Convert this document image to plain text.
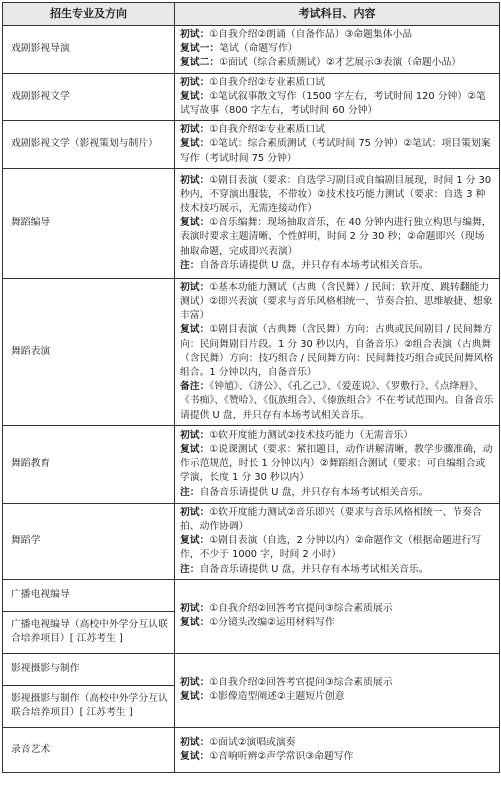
招生专业及方向	考试科目、内容
戏剧影视导演	初试：①自我介绍②朗诵（自备作品）③命题集体小品

复试一：笔试（命题写作）

复试二：①面试（综合素质测试）②才艺展示③表演（命题小品）

戏剧影视文学	初试：①自我介绍②专业素质口试

复试：①笔试叙事散文写作（1500 字左右，考试时间 120 分钟）②笔试写故事（800 字左右，考试时间 60 分钟）

戏剧影视文学（影视策划与制片）	初试：①自我介绍②专业素质口试

复试：①笔试：综合素质测试（考试时间 75 分钟）②笔试：项目策划案写作（考试时间 75 分钟）

舞蹈编导	初试：①剧目表演（要求：自选学习剧目或自编剧目展现，时间 1 分 30 秒内，不穿演出服装，不带妆）②技术技巧能力测试（要求：自选 3 种技术技巧展示，无需连接动作）

复试：①音乐编舞：现场抽取音乐，在 40 分钟内进行独立构思与编舞，表演时要求主题清晰、个性鲜明，时间 2 分 30 秒；②命题即兴（现场抽取命题，完成即兴表演）

注：自备音乐请提供 U 盘，并只存有本场考试相关音乐。

舞蹈表演	初试：①基本功能力测试（古典（含民舞）/ 民间：软开度、跳转翻能力测试）②即兴表演（要求与音乐风格相统一、节奏合拍、思维敏捷、想象丰富）

复试：①剧目表演（古典舞（含民舞）方向：古典或民间剧目 / 民间舞方向：民间舞剧目片段。1 分 30 秒以内，自备音乐）②组合表演（古典舞（含民舞）方向：技巧组合 / 民间舞方向：民间舞技巧组合或民间舞风格组合。1 分钟以内，自备音乐）

备注：《钟馗》、《济公》、《孔乙己》、《爱莲说》、《罗敷行》、《点绛唇》、《书痴》、《赞哈》、《佤族组合》、《傣族组合》不在考试范围内。自备音乐请提供 U 盘，并只存有本场考试相关音乐。

舞蹈教育	初试：①软开度能力测试②技术技巧能力（无需音乐）

复试：①说课测试（要求：紧扣题目，动作讲解清晰，教学步骤准确，动作示范规范，时长 1 分钟以内）②舞蹈组合测试（要求：可自编组合或学演，长度 1 分 30 秒以内）

注：自备音乐请提供 U 盘，并只存有本场考试相关音乐。

舞蹈学	初试：①软开度能力测试②音乐即兴（要求与音乐风格相统一、节奏合拍、动作协调）

复试：①剧目表演（自选，2 分钟以内）②命题作文（根据命题进行写作，不少于 1000 字，时间 2 小时）

注：自备音乐请提供 U 盘，并只存有本场考试相关音乐。

广播电视编导	初试：①自我介绍②回答考官提问③综合素质展示

复试：①分镜头改编②运用材料写作

广播电视编导（高校中外学分互认联合培养项目）[ 江苏考生 ]	
影视摄影与制作	初试：①自我介绍②回答考官提问③综合素质展示

复试：①影像造型阐述②主题短片创意

影视摄影与制作（高校中外学分互认联合培养项目）[ 江苏考生 ]	
录音艺术	初试：①面试②演唱或演奏

复试：①音响听辨②声学常识③命题写作
